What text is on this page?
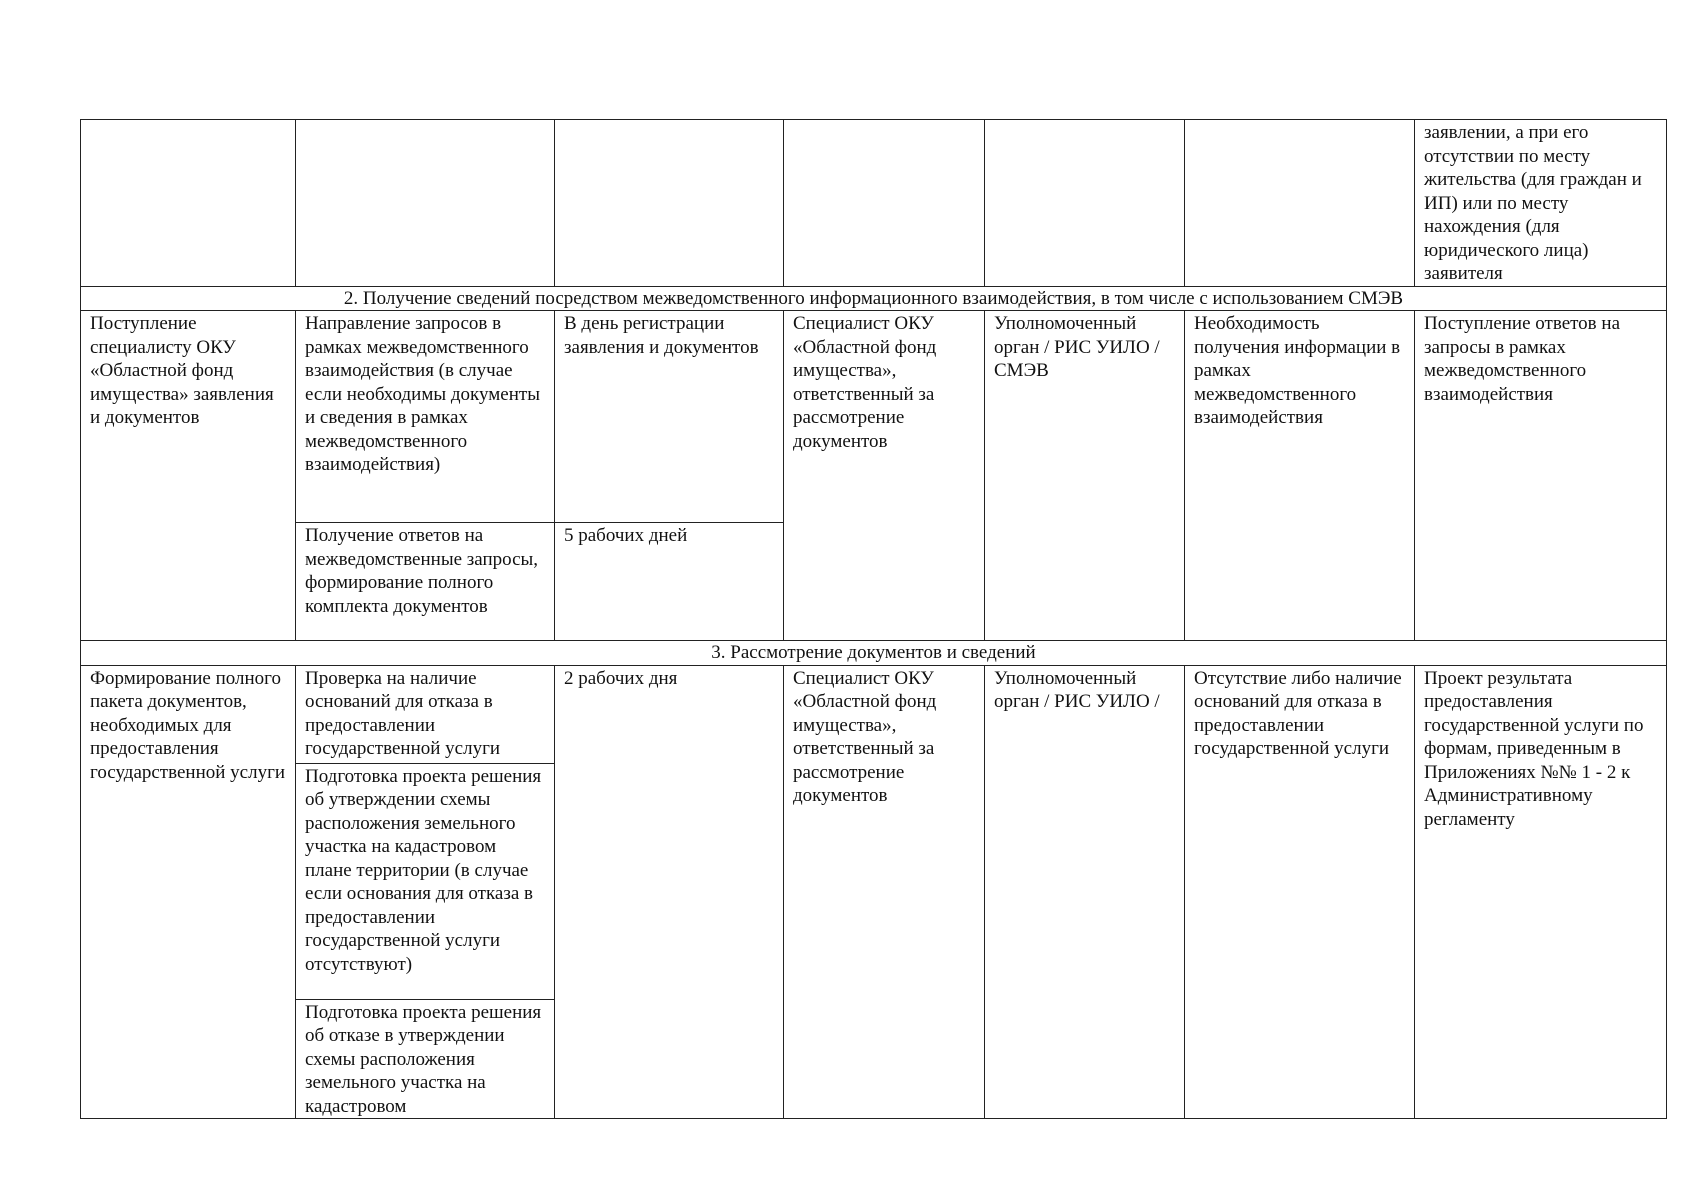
						заявлении, а при его отсутствии по месту жительства (для граждан и ИП) или по месту нахождения (для юридического лица) заявителя

2. Получение сведений посредством межведомственного информационного взаимодействия, в том числе с использованием СМЭВ						

Поступление специалисту ОКУ «Областной фонд имущества» заявления и документов	Направление запросов в рамках межведомственного взаимодействия (в случае если необходимы документы и сведения в рамках межведомственного взаимодействия)	В день регистрации заявления и документов	Специалист ОКУ «Областной фонд имущества», ответственный за рассмотрение документов	Уполномоченный орган / РИС УИЛО / СМЭВ	Необходимость получения информации в рамках межведомственного взаимодействия	Поступление ответов на запросы в рамках межведомственного взаимодействия

	Получение ответов на межведомственные запросы, формирование полного комплекта документов	5 рабочих дней				

3. Рассмотрение документов и сведений						

Формирование полного пакета документов, необходимых для предоставления государственной услуги	Проверка на наличие оснований для отказа в предоставлении государственной услуги	2 рабочих дня	Специалист ОКУ «Областной фонд имущества», ответственный за рассмотрение документов	Уполномоченный орган / РИС УИЛО /	Отсутствие либо наличие оснований для отказа в предоставлении государственной услуги	Проект результата предоставления государственной услуги по формам, приведенным в Приложениях №№ 1 - 2 к Административному регламенту

	Подготовка проекта решения об утверждении схемы расположения земельного участка на кадастровом плане территории (в случае если основания для отказа в предоставлении государственной услуги отсутствуют)					

	Подготовка проекта решения об отказе в утверждении схемы расположения земельного участка на кадастровом					
